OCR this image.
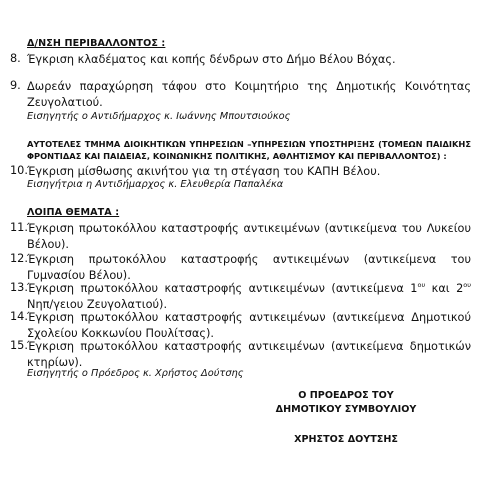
Δ/ΝΣΗ ΠΕΡΙΒΑΛΛΟΝΤΟΣ :
8. Έγκριση κλαδέματος και κοπής δένδρων στο Δήμο Βέλου Βόχας.
9. Δωρεάν παραχώρηση τάφου στο Κοιμητήριο της Δημοτικής Κοινότητας Ζευγολατιού.
Εισηγητής ο Αντιδήμαρχος κ. Ιωάννης Μπουτσιούκος
ΑΥΤΟΤΕΛΕΣ ΤΜΗΜΑ ΔΙΟΙΚΗΤΙΚΩΝ ΥΠΗΡΕΣΙΩΝ –ΥΠΗΡΕΣΙΩΝ ΥΠΟΣΤΗΡΙΞΗΣ (ΤΟΜΕΩΝ ΠΑΙΔΙΚΗΣ ΦΡΟΝΤΙΔΑΣ ΚΑΙ ΠΑΙΔΕΙΑΣ, ΚΟΙΝΩΝΙΚΗΣ ΠΟΛΙΤΙΚΗΣ, ΑΘΛΗΤΙΣΜΟΥ ΚΑΙ ΠΕΡΙΒΑΛΛΟΝΤΟΣ) :
10. Έγκριση μίσθωσης ακινήτου για τη στέγαση του ΚΑΠΗ Βέλου.
Εισηγήτρια η Αντιδήμαρχος κ. Ελευθερία Παπαλέκα
ΛΟΙΠΑ ΘΕΜΑΤΑ :
11. Έγκριση πρωτοκόλλου καταστροφής αντικειμένων (αντικείμενα του Λυκείου Βέλου).
12. Έγκριση πρωτοκόλλου καταστροφής αντικειμένων (αντικείμενα του Γυμνασίου Βέλου).
13. Έγκριση πρωτοκόλλου καταστροφής αντικειμένων (αντικείμενα $1^{o\upsilon}$ και $2^{o\upsilon}$ Νηπ/γειου Ζευγολατιού).
14. Έγκριση πρωτοκόλλου καταστροφής αντικειμένων (αντικείμενα Δημοτικού Σχολείου Κοκκωνίου Πουλίτσας).
15. Έγκριση πρωτοκόλλου καταστροφής αντικειμένων (αντικείμενα δημοτικών κτηρίων).
Εισηγητής ο Πρόεδρος κ. Χρήστος Δούτσης
Ο ΠΡΟΕΔΡΟΣ ΤΟΥ
ΔΗΜΟΤΙΚΟΥ ΣΥΜΒΟΥΛΙΟΥ
ΧΡΗΣΤΟΣ ΔΟΥΤΣΗΣ
